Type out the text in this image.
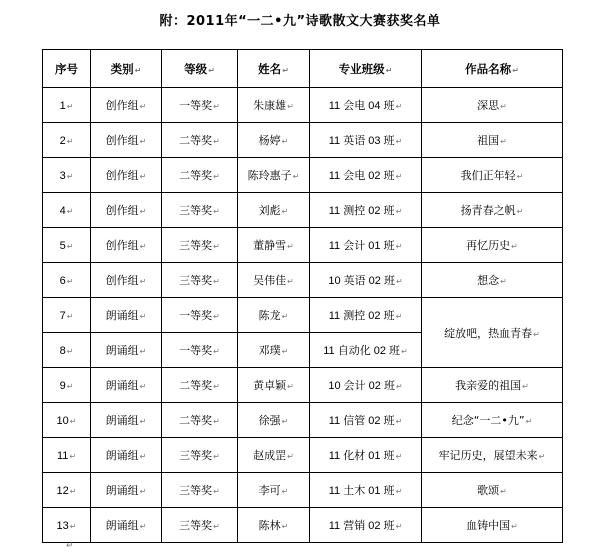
附：2011年“一二•九”诗歌散文大赛获奖名单
序号	类别↵	等级↵	姓名↵	专业班级↵	作品名称↵
1↵	创作组↵	一等奖↵	朱康雄↵	11 会电 04 班↵	深思↵
2↵	创作组↵	二等奖↵	杨婷↵	11 英语 03 班↵	祖国↵
3↵	创作组↵	二等奖↵	陈玲惠子↵	11 会电 02 班↵	我们正年轻↵
4↵	创作组↵	三等奖↵	刘彪↵	11 测控 02 班↵	扬青春之帆↵
5↵	创作组↵	三等奖↵	董静雪↵	11 会计 01 班↵	再忆历史↵
6↵	创作组↵	三等奖↵	吴伟佳↵	10 英语 02 班↵	想念↵
7↵	朗诵组↵	一等奖↵	陈龙↵	11 测控 02 班↵	绽放吧，热血青春↵
8↵	朗诵组↵	一等奖↵	邓璞↵	11 自动化 02 班↵	
9↵	朗诵组↵	二等奖↵	黄卓颖↵	10 会计 02 班↵	我亲爱的祖国↵
10↵	朗诵组↵	二等奖↵	徐强↵	11 信管 02 班↵	纪念“一二•九”↵
11↵	朗诵组↵	三等奖↵	赵成罡↵	11 化材 01 班↵	牢记历史，展望未来↵
12↵	朗诵组↵	三等奖↵	李可↵	11 土木 01 班↵	歌颂↵
13↵	朗诵组↵	三等奖↵	陈林↵	11 营销 02 班↵	血铸中国↵
↵
